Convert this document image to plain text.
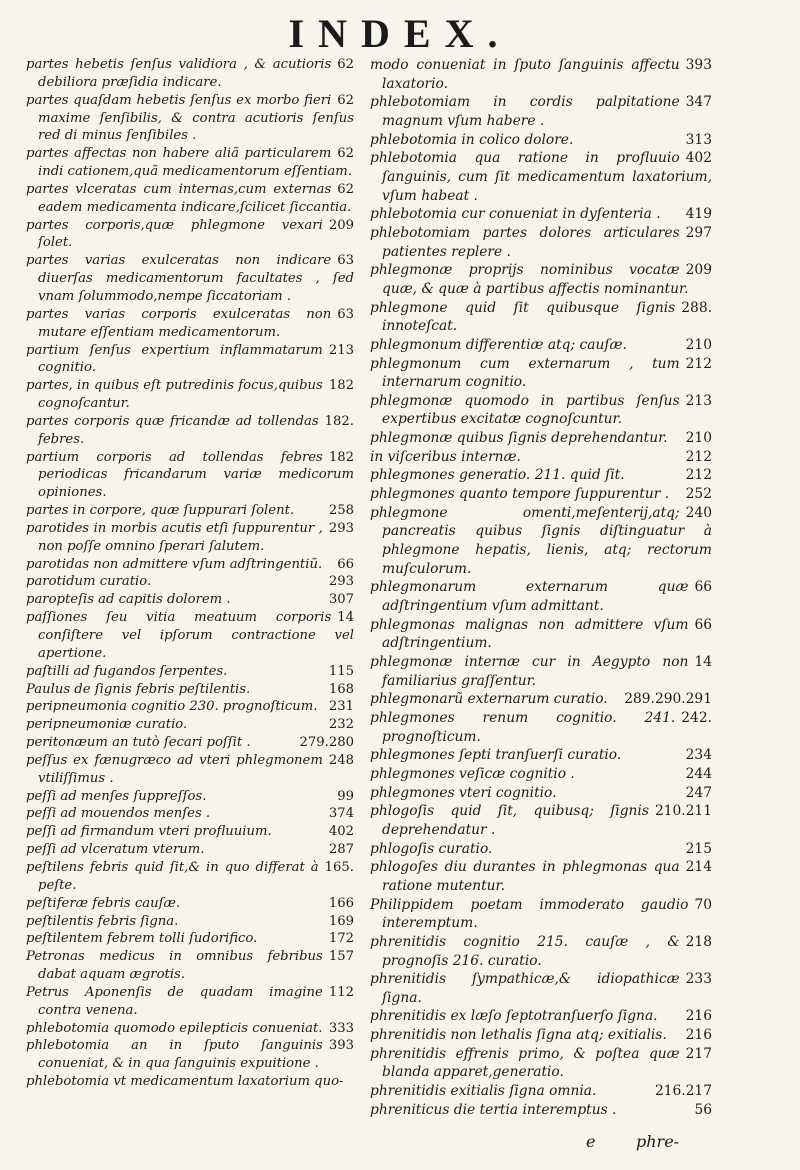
INDEX.

62
partes hebetis ſenſus validiora , & acutioris debiliora præſidia indicare.

62
partes quaſdam hebetis ſenſus ex morbo fieri maxime ſenſibilis, & contra acutioris ſenſus red di minus ſenſibiles .

62
partes affectas non habere aliã particularem indi cationem,quã medicamentorum eſſentiam.

62
partes vlceratas cum internas,cum externas eadem medicamenta indicare,ſcilicet ſiccantia.

209
partes corporis,quæ phlegmone vexari ſolet.

63
partes varias exulceratas non indicare diuerſas medicamentorum facultates , ſed vnam ſolummodo,nempe ſiccatoriam .

63
partes varias corporis exulceratas non mutare eſſentiam medicamentorum.

213
partium ſenſus expertium inflammatarum cognitio.

182
partes, in quibus eſt putredinis focus,quibus cognoſcantur.

182.
partes corporis quæ fricandæ ad tollendas febres.

182
partium corporis ad tollendas febres periodicas fricandarum variæ medicorum opiniones.

258
partes in corpore, quæ ſuppurari ſolent.

293
parotides in morbis acutis etſi ſuppurentur , non poſſe omnino ſperari ſalutem.

66
parotidas non admittere vſum adſtringentiũ.

293
parotidum curatio.

307
paropteſis ad capitis dolorem .

14
paſſiones ſeu vitia meatuum corporis conſiſtere vel ipſorum contractione vel apertione.

115
paſtilli ad fugandos ſerpentes.

168
Paulus de ſignis febris peſtilentis.

231
peripneumonia cognitio 230. prognoſticum.

232
peripneumoniæ curatio.

279.280
peritonæum an tutò ſecari poſſit .

248
peſſus ex fænugræco ad vteri phlegmonem vtiliſſimus .

99
peſſi ad menſes ſuppreſſos.

374
peſſi ad mouendos menſes .

402
peſſi ad firmandum vteri profluuium.

287
peſſi ad vlceratum vterum.

165.
peſtilens febris quid ſit,& in quo differat à peſte.

166
peſtiferæ febris cauſæ.

169
peſtilentis febris ſigna.

172
peſtilentem febrem tolli ſudorifico.

157
Petronas medicus in omnibus febribus dabat aquam ægrotis.

112
Petrus Aponenſis de quadam imagine contra venena.

333
phlebotomia quomodo epilepticis conueniat.

393
phlebotomia an in ſputo ſanguinis conueniat, & in qua ſanguinis expuitione .

phlebotomia vt medicamentum laxatorium quo-

393
modo conueniat in ſputo ſanguinis affectu laxatorio.

347
phlebotomiam in cordis palpitatione magnum vſum habere .

313
phlebotomia in colico dolore.

402
phlebotomia qua ratione in profluuio ſanguinis, cum ſit medicamentum laxatorium, vſum habeat .

419
phlebotomia cur conueniat in dyſenteria .

297
phlebotomiam partes dolores articulares patientes replere .

209
phlegmonæ proprijs nominibus vocatæ quæ, & quæ à partibus affectis nominantur.

288.
phlegmone quid ſit quibusque ſignis innoteſcat.

210
phlegmonum differentiæ atq; cauſæ.

212
phlegmonum cum externarum , tum internarum cognitio.

213
phlegmonæ quomodo in partibus ſenſus expertibus excitatæ cognoſcuntur.

210
phlegmonæ quibus ſignis deprehendantur.

212
in viſceribus internæ.

212
phlegmones generatio. 211. quid ſit.

252
phlegmones quanto tempore ſuppurentur .

240
phlegmone omenti,meſenterij,atq; pancreatis quibus ſignis diſtinguatur à phlegmone hepatis, lienis, atq; rectorum muſculorum.

66
phlegmonarum externarum quæ adſtringentium vſum admittant.

66
phlegmonas malignas non admittere vſum adſtringentium.

14
phlegmonæ internæ cur in Aegypto non familiarius graſſentur.

289.290.291
phlegmonarũ externarum curatio.

242.
phlegmones renum cognitio. 241. prognoſticum.

234
phlegmones ſepti tranſuerſi curatio.

244
phlegmones veſicæ cognitio .

247
phlegmones vteri cognitio.

210.211
phlogoſis quid ſit, quibusq; ſignis deprehendatur .

215
phlogoſis curatio.

214
phlogoſes diu durantes in phlegmonas qua ratione mutentur.

70
Philippidem poetam immoderato gaudio interemptum.

218
phrenitidis cognitio 215. cauſæ , & prognoſis 216. curatio.

233
phrenitidis ſympathicæ,& idiopathicæ ſigna.

216
phrenitidis ex læſo ſeptotranſuerſo ſigna.

216
phrenitidis non lethalis ſigna atq; exitialis.

217
phrenitidis effrenis primo, & poſtea quæ blanda apparet,generatio.

216.217
phrenitidis exitialis ſigna omnia.

56
phreniticus die tertia interemptus .

e	phre-
